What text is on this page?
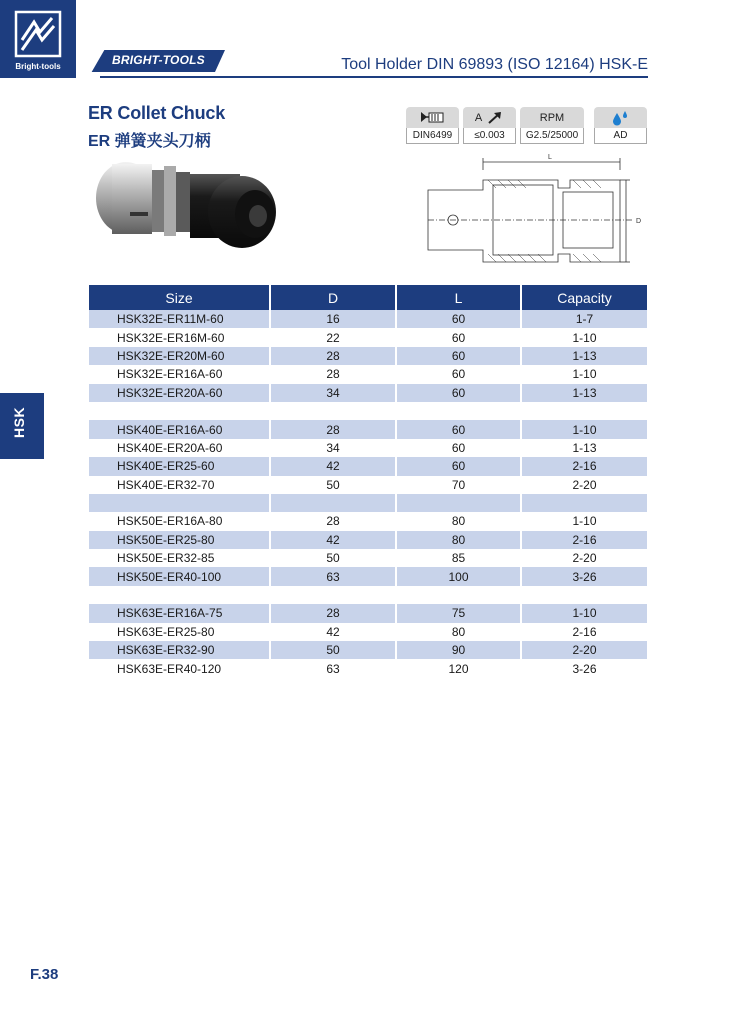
Bright-tools	BRIGHT-TOOLS	Tool Holder DIN 69893 (ISO 12164) HSK-E
ER Collet Chuck
ER 弹簧夹头刀柄	DIN6499
A
≤0.003
RPM
G2.5/25000	AD
L
D
Size	D	L	Capacity
HSK32E-ER11M-60	16	60	1-7
HSK32E-ER16M-60	22	60	1-10
HSK32E-ER20M-60	28	60	1-13
HSK32E-ER16A-60	28	60	1-10
HSK32E-ER20A-60	34	60	1-13

HSK40E-ER16A-60	28	60	1-10
HSK40E-ER20A-60	34	60	1-13
HSK40E-ER25-60	42	60	2-16
HSK40E-ER32-70	50	70	2-20

HSK50E-ER16A-80	28	80	1-10
HSK50E-ER25-80	42	80	2-16
HSK50E-ER32-85	50	85	2-20
HSK50E-ER40-100	63	100	3-26

HSK63E-ER16A-75	28	75	1-10
HSK63E-ER25-80	42	80	2-16
HSK63E-ER32-90	50	90	2-20
HSK63E-ER40-120	63	120	3-26
HSK
F.38
